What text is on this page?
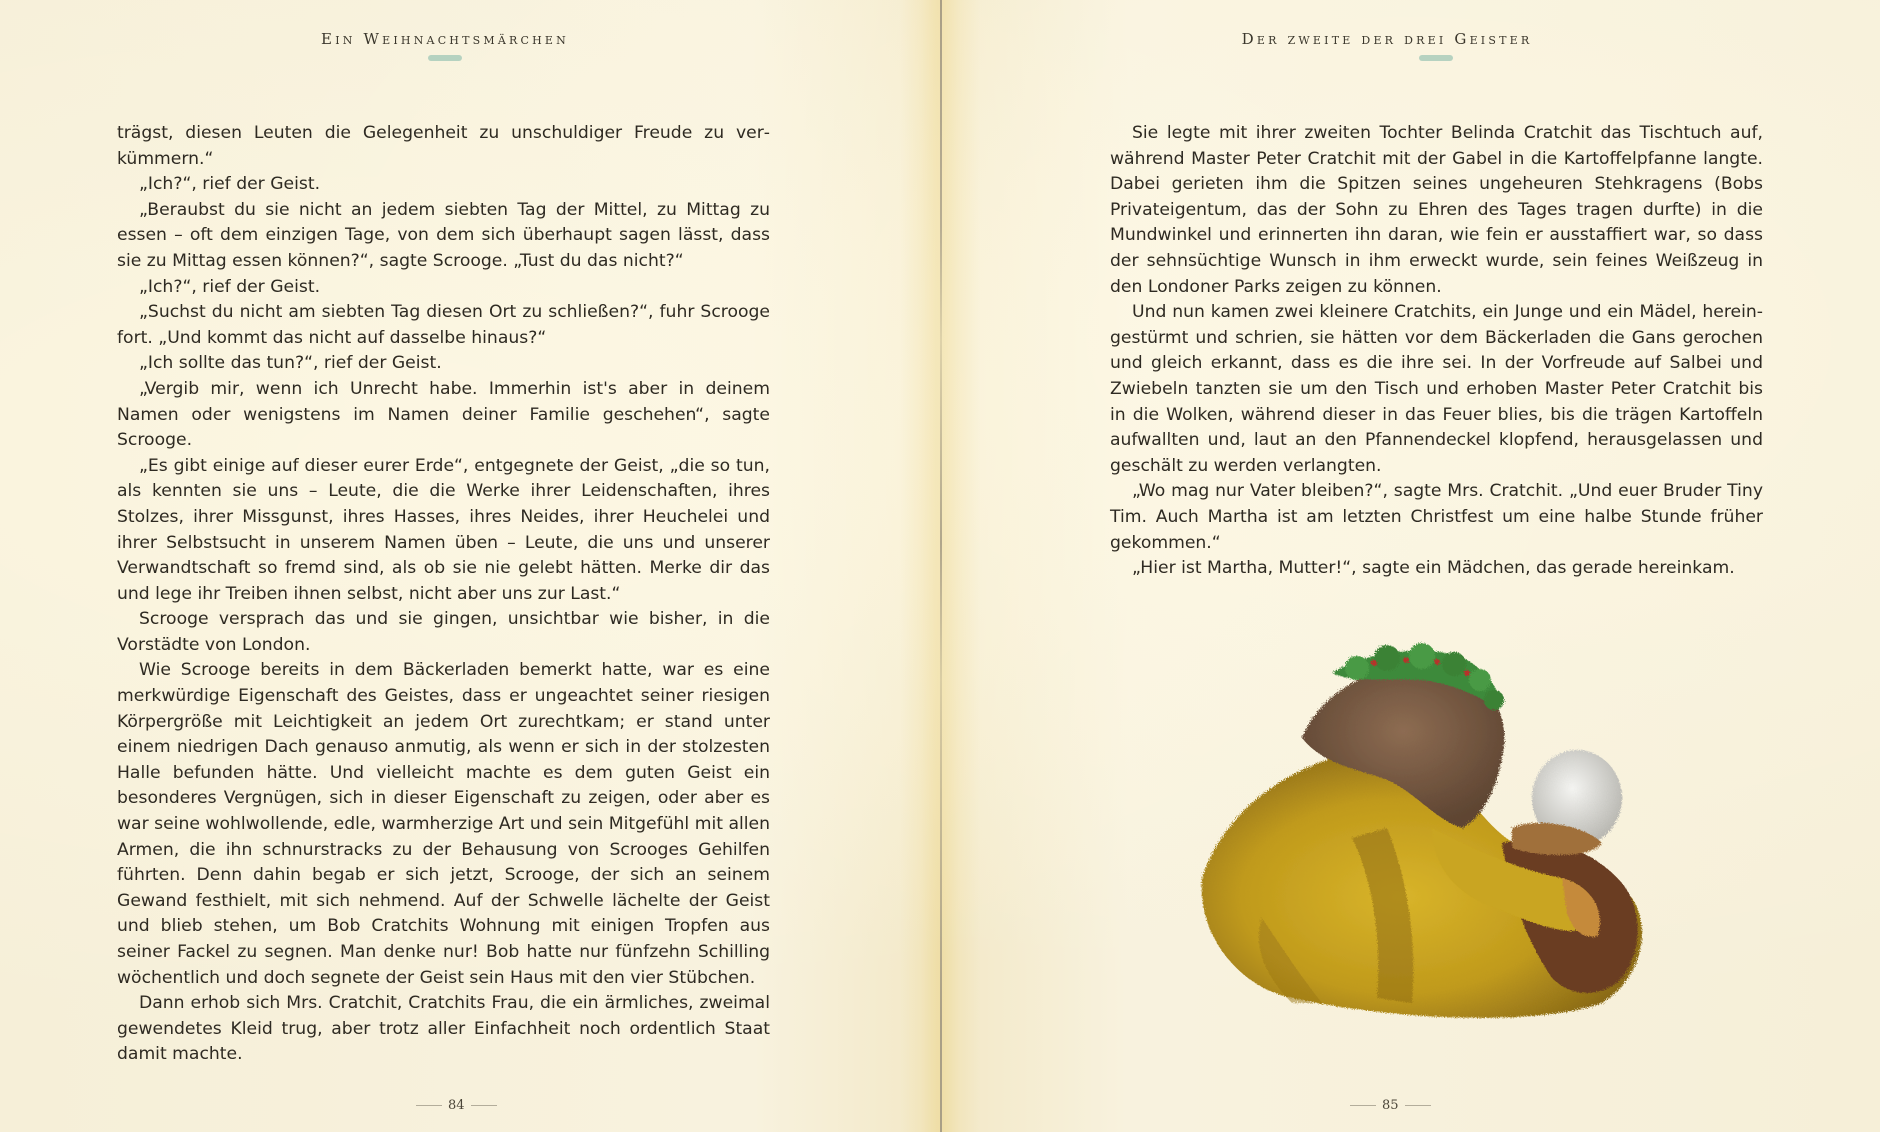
Ein Weihnachtsmärchen

trägst, diesen Leuten die Gelegenheit zu unschuldiger Freude zu verkümmern.“

„Ich?“, rief der Geist.

„Beraubst du sie nicht an jedem siebten Tag der Mittel, zu Mittag zu essen – oft dem einzigen Tage, von dem sich überhaupt sagen lässt, dass sie zu Mittag essen können?“, sagte Scrooge. „Tust du das nicht?“

„Ich?“, rief der Geist.

„Suchst du nicht am siebten Tag diesen Ort zu schließen?“, fuhr Scrooge fort. „Und kommt das nicht auf dasselbe hinaus?“

„Ich sollte das tun?“, rief der Geist.

„Vergib mir, wenn ich Unrecht habe. Immerhin ist's aber in deinem Namen oder wenigstens im Namen deiner Familie geschehen“, sagte Scrooge.

„Es gibt einige auf dieser eurer Erde“, entgegnete der Geist, „die so tun, als kennten sie uns – Leute, die die Werke ihrer Leidenschaften, ihres Stolzes, ihrer Missgunst, ihres Hasses, ihres Neides, ihrer Heuchelei und ihrer Selbstsucht in unserem Namen üben – Leute, die uns und unserer Verwandtschaft so fremd sind, als ob sie nie gelebt hätten. Merke dir das und lege ihr Treiben ihnen selbst, nicht aber uns zur Last.“

Scrooge versprach das und sie gingen, unsichtbar wie bisher, in die Vorstädte von London.

Wie Scrooge bereits in dem Bäckerladen bemerkt hatte, war es eine merkwürdige Eigenschaft des Geistes, dass er ungeachtet seiner riesigen Körpergröße mit Leichtigkeit an jedem Ort zurechtkam; er stand unter einem niedrigen Dach genauso anmutig, als wenn er sich in der stolzesten Halle befunden hätte. Und vielleicht machte es dem guten Geist ein besonderes Vergnügen, sich in dieser Eigenschaft zu zeigen, oder aber es war seine wohlwollende, edle, warmherzige Art und sein Mitgefühl mit allen Armen, die ihn schnurstracks zu der Behausung von Scrooges Gehilfen führten. Denn dahin begab er sich jetzt, Scrooge, der sich an seinem Gewand festhielt, mit sich nehmend. Auf der Schwelle lächelte der Geist und blieb stehen, um Bob Cratchits Wohnung mit einigen Tropfen aus seiner Fackel zu segnen. Man denke nur! Bob hatte nur fünfzehn Schilling wöchentlich und doch segnete der Geist sein Haus mit den vier Stübchen.

Dann erhob sich Mrs. Cratchit, Cratchits Frau, die ein ärmliches, zweimal gewendetes Kleid trug, aber trotz aller Einfachheit noch ordentlich Staat damit machte.

84
Der zweite der drei Geister

Sie legte mit ihrer zweiten Tochter Belinda Cratchit das Tischtuch auf, während Master Peter Cratchit mit der Gabel in die Kartoffelpfanne langte. Dabei gerieten ihm die Spitzen seines ungeheuren Stehkragens (Bobs Privateigentum, das der Sohn zu Ehren des Tages tragen durfte) in die Mundwinkel und erinnerten ihn daran, wie fein er ausstaffiert war, so dass der sehnsüchtige Wunsch in ihm erweckt wurde, sein feines Weißzeug in den Londoner Parks zeigen zu können.

Und nun kamen zwei kleinere Cratchits, ein Junge und ein Mädel, hereingestürmt und schrien, sie hätten vor dem Bäckerladen die Gans gerochen und gleich erkannt, dass es die ihre sei. In der Vorfreude auf Salbei und Zwiebeln tanzten sie um den Tisch und erhoben Master Peter Cratchit bis in die Wolken, während dieser in das Feuer blies, bis die trägen Kartoffeln aufwallten und, laut an den Pfannendeckel klopfend, herausgelassen und geschält zu werden verlangten.

„Wo mag nur Vater bleiben?“, sagte Mrs. Cratchit. „Und euer Bruder Tiny Tim. Auch Martha ist am letzten Christfest um eine halbe Stunde früher gekommen.“

„Hier ist Martha, Mutter!“, sagte ein Mädchen, das gerade hereinkam.

85
